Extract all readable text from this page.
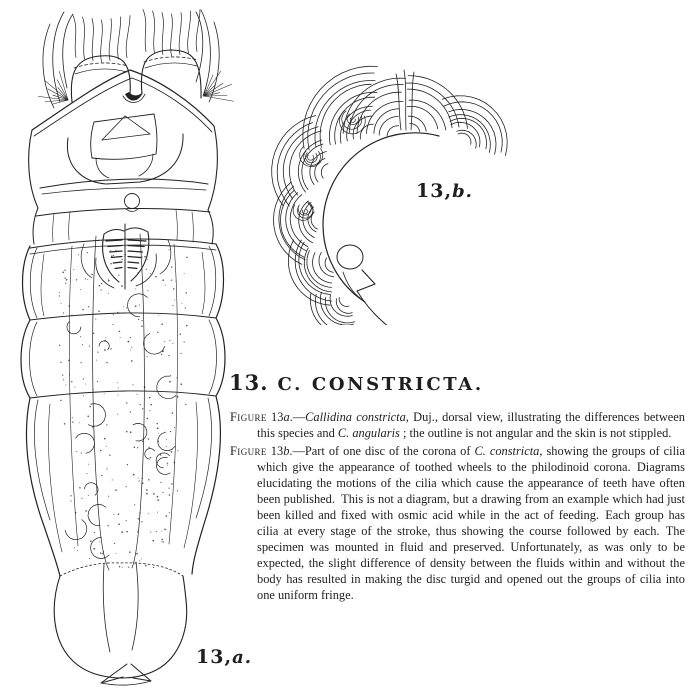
13,b.
13,a.
13. C. CONSTRICTA.

Figure 13a.—Callidina constricta, Duj., dorsal view, illustrating the differences between this species and C. angularis ; the outline is not angular and the skin is not stippled.

Figure 13b.—Part of one disc of the corona of C. constricta, showing the groups of cilia which give the appearance of toothed wheels to the philodinoid corona. Diagrams elucidating the motions of the cilia which cause the appearance of teeth have often been published. This is not a diagram, but a drawing from an example which had just been killed and fixed with osmic acid while in the act of feeding. Each group has cilia at every stage of the stroke, thus showing the course followed by each. The specimen was mounted in fluid and preserved. Unfortunately, as was only to be expected, the slight difference of density between the fluids within and without the body has resulted in making the disc turgid and opened out the groups of cilia into one uniform fringe.
